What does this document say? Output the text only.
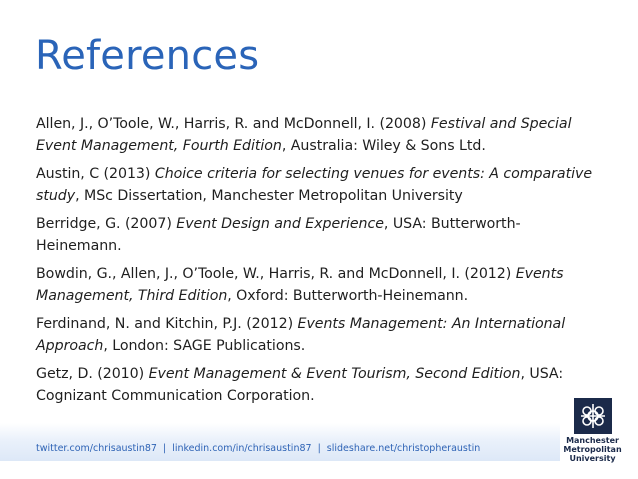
References
Allen, J., O’Toole, W., Harris, R. and McDonnell, I. (2008) Festival and Special Event Management, Fourth Edition, Australia: Wiley & Sons Ltd.
Austin, C (2013) Choice criteria for selecting venues for events: A comparative study, MSc Dissertation, Manchester Metropolitan University
Berridge, G. (2007) Event Design and Experience, USA: Butterworth-Heinemann.
Bowdin, G., Allen, J., O’Toole, W., Harris, R. and McDonnell, I. (2012) Events Management, Third Edition, Oxford: Butterworth-Heinemann.
Ferdinand, N. and Kitchin, P.J. (2012) Events Management: An International Approach, London: SAGE Publications.
Getz, D. (2010) Event Management & Event Tourism, Second Edition, USA: Cognizant Communication Corporation.
twitter.com/chrisaustin87 | linkedin.com/in/chrisaustin87 | slideshare.net/christopheraustin
Manchester
Metropolitan
University
